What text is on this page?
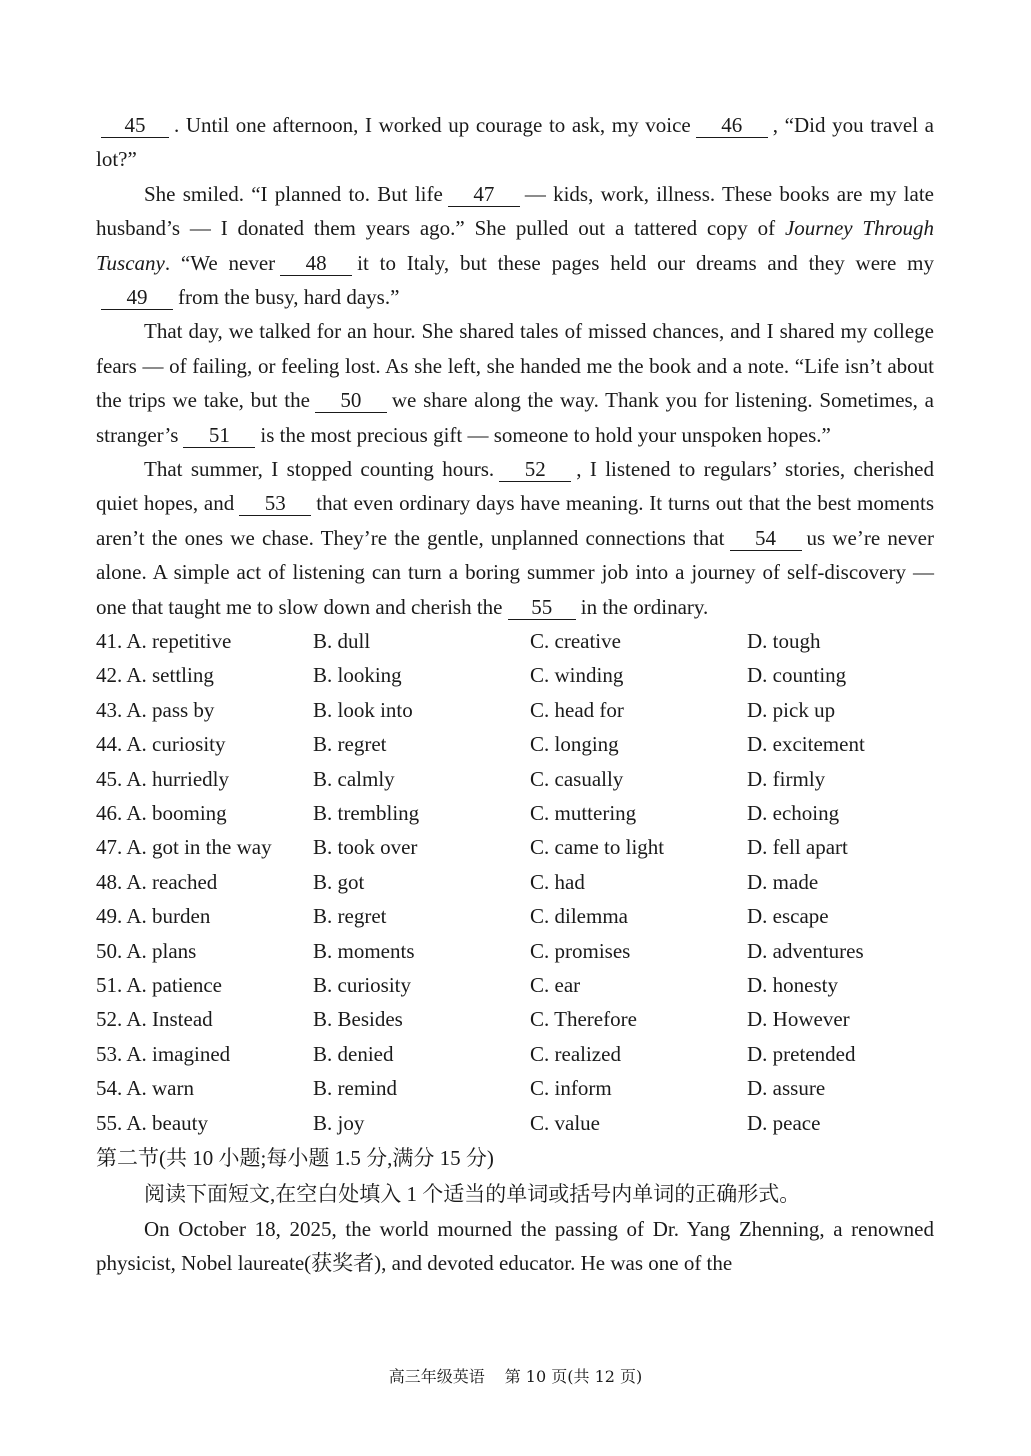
45 . Until one afternoon, I worked up courage to ask, my voice 46 , “Did you travel a lot?”

She smiled. “I planned to. But life 47 — kids, work, illness. These books are my late husband’s — I donated them years ago.” She pulled out a tattered copy of Journey Through Tuscany. “We never 48 it to Italy, but these pages held our dreams and they were my49 from the busy, hard days.”

That day, we talked for an hour. She shared tales of missed chances, and I shared my college fears — of failing, or feeling lost. As she left, she handed me the book and a note. “Life isn’t about the trips we take, but the 50 we share along the way. Thank you for listening. Sometimes, a stranger’s 51 is the most precious gift — someone to hold your unspoken hopes.”

That summer, I stopped counting hours. 52 , I listened to regulars’ stories, cherished quiet hopes, and 53 that even ordinary days have meaning. It turns out that the best moments aren’t the ones we chase. They’re the gentle, unplanned connections that 54 us we’re never alone. A simple act of listening can turn a boring summer job into a journey of self-discovery — one that taught me to slow down and cherish the 55 in the ordinary.

41. A. repetitive	B. dull	C. creative	D. tough
42. A. settling	B. looking	C. winding	D. counting
43. A. pass by	B. look into	C. head for	D. pick up
44. A. curiosity	B. regret	C. longing	D. excitement
45. A. hurriedly	B. calmly	C. casually	D. firmly
46. A. booming	B. trembling	C. muttering	D. echoing
47. A. got in the way	B. took over	C. came to light	D. fell apart
48. A. reached	B. got	C. had	D. made
49. A. burden	B. regret	C. dilemma	D. escape
50. A. plans	B. moments	C. promises	D. adventures
51. A. patience	B. curiosity	C. ear	D. honesty
52. A. Instead	B. Besides	C. Therefore	D. However
53. A. imagined	B. denied	C. realized	D. pretended
54. A. warn	B. remind	C. inform	D. assure
55. A. beauty	B. joy	C. value	D. peace

第二节(共 10 小题;每小题 1.5 分,满分 15 分)

阅读下面短文,在空白处填入 1 个适当的单词或括号内单词的正确形式。

On October 18, 2025, the world mourned the passing of Dr. Yang Zhenning, a renowned physicist, Nobel laureate(获奖者), and devoted educator. He was one of the

高三年级英语 第 10 页(共 12 页)
